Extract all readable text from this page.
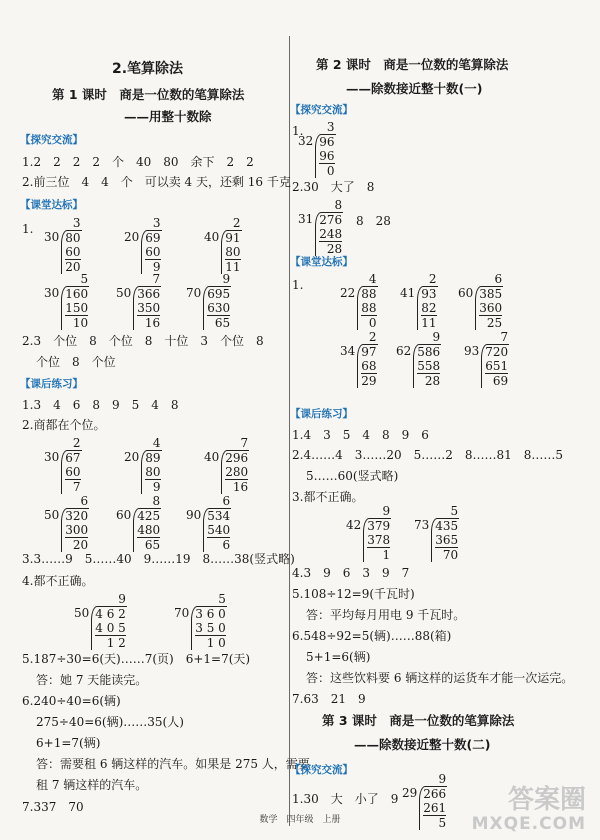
2.笔算除法
第 1 课时　商是一位数的笔算除法
——用整十数除
【探究交流】
1.2　2　2　2　个　40　80　余下　2　2
2.前三位　4　4　个　可以卖 4 天，还剩 16 千克
【课堂达标】
1.	3
30 80
60
20
3
20 69
60
9
2
40 91
80
11
5
30 160
150
10
7
50 366
350
16
9
70 695
630
65
2.3　个位　8　个位　8　十位　3　个位　8
个位　8　个位
【课后练习】
1.3　4　6　8　9　5　4　8
2.商都在个位。
2
30 67
60
7
4
20 89
80
9
7
40 296
280
16
6
50 320
300
20
8
60 425
480
65
6
90 534
540
6
3.3……9　5……40　9……19　8……38(竖式略)
4.都不正确。
9
50 4 6 2
4 0 5
1 2
5
70 3 6 0
3 5 0
1 0
5.187÷30=6(天)……7(页)　6+1=7(天)
答：她 7 天能读完。
6.240÷40=6(辆)
275÷40=6(辆)……35(人)
6+1=7(辆)
答：需要租 6 辆这样的汽车。如果是 275 人，需要
租 7 辆这样的汽车。
7.337　70
第 2 课时　商是一位数的笔算除法
——除数接近整十数(一)
【探究交流】
1.	3
32 96
96
0
2.30　大了　8
8
31 276
248
28
8　28
【课堂达标】
1.	4
22 88
88
0
2
41 93
82
11
6
60 385
360
25
2
34 97
68
29
9
62 586
558
28
7
93 720
651
69
【课后练习】
1.4　3　5　4　8　9　6
2.4……4　3……20　5……2　8……81　8……5
5……60(竖式略)
3.都不正确。
9
42 379
378
1
5
73 435
365
70
4.3　9　6　3　9　7
5.108÷12=9(千瓦时)
答：平均每月用电 9 千瓦时。
6.548÷92=5(辆)……88(箱)
5+1=6(辆)
答：这些饮料要 6 辆这样的运货车才能一次运完。
7.63　21　9
第 3 课时　商是一位数的笔算除法
——除数接近整十数(二)
【探究交流】
1.30　大　小了　9
9
29 266
261
5
数学　四年级　上册
答案圈
MXQE.COM
